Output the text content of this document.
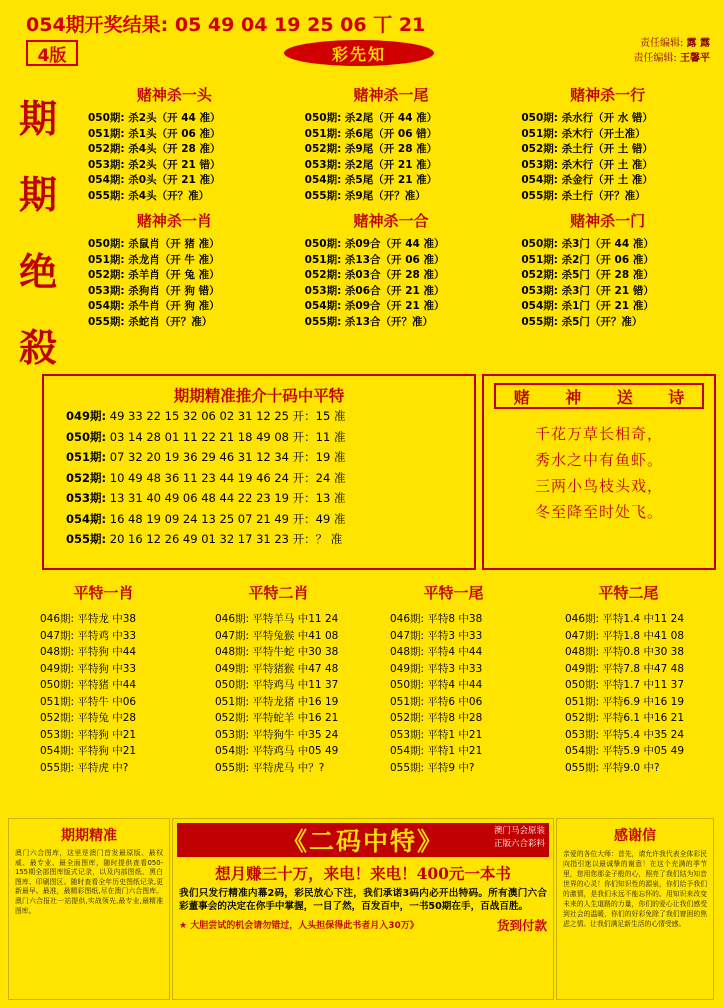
054期开奖结果: 05 49 04 19 25 06 丅 21
4版	彩先知
责任编辑: 露 露
责任编辑: 王馨平
期
期
绝
殺
赌神杀一头
050期: 杀2头（开 44 准）
051期: 杀1头（开 06 准）
052期: 杀4头（开 28 准）
053期: 杀2头（开 21 错）
054期: 杀0头（开 21 准）
055期: 杀4头（开？准）
赌神杀一尾
050期: 杀2尾（开 44 准）
051期: 杀6尾（开 06 错）
052期: 杀9尾（开 28 准）
053期: 杀2尾（开 21 准）
054期: 杀5尾（开 21 准）
055期: 杀9尾（开？准）
赌神杀一行
050期: 杀水行（开 水 错）
051期: 杀木行（开土准）
052期: 杀土行（开 土 错）
053期: 杀木行（开 土 准）
054期: 杀金行（开 土 准）
055期: 杀土行（开？准）
赌神杀一肖
050期: 杀鼠肖（开 猪 准）
051期: 杀龙肖（开 牛 准）
052期: 杀羊肖（开 兔 准）
053期: 杀狗肖（开 狗 错）
054期: 杀牛肖（开 狗 准）
055期: 杀蛇肖（开？准）
赌神杀一合
050期: 杀09合（开 44 准）
051期: 杀13合（开 06 准）
052期: 杀03合（开 28 准）
053期: 杀06合（开 21 准）
054期: 杀09合（开 21 准）
055期: 杀13合（开？准）
赌神杀一门
050期: 杀3门（开 44 准）
051期: 杀2门（开 06 准）
052期: 杀5门（开 28 准）
053期: 杀3门（开 21 错）
054期: 杀1门（开 21 准）
055期: 杀5门（开？准）
期期精准推介十码中平特
049期: 49 33 22 15 32 06 02 31 12 25 开：15 准
050期: 03 14 28 01 11 22 21 18 49 08 开：11 准
051期: 07 32 20 19 36 29 46 31 12 34 开：19 准
052期: 10 49 48 36 11 23 44 19 46 24 开：24 准
053期: 13 31 40 49 06 48 44 22 23 19 开：13 准
054期: 16 48 19 09 24 13 25 07 21 49 开：49 准
055期: 20 16 12 26 49 01 32 17 31 23 开：？ 准
赌 神 送 诗
千花万草长相奇，
秀水之中有鱼虾。
三两小鸟枝头戏，
冬至降至时处飞。
平特一肖
046期: 平特龙 中38
047期: 平特鸡 中33
048期: 平特狗 中44
049期: 平特狗 中33
050期: 平特猪 中44
051期: 平特牛 中06
052期: 平特兔 中28
053期: 平特狗 中21
054期: 平特狗 中21
055期: 平特虎 中?
平特二肖
046期: 平特羊马 中11 24
047期: 平特兔猴 中41 08
048期: 平特牛蛇 中30 38
049期: 平特猪猴 中47 48
050期: 平特鸡马 中11 37
051期: 平特龙猪 中16 19
052期: 平特蛇羊 中16 21
053期: 平特狗牛 中35 24
054期: 平特鸡马 中05 49
055期: 平特虎马 中？?
平特一尾
046期: 平特8 中38
047期: 平特3 中33
048期: 平特4 中44
049期: 平特3 中33
050期: 平特4 中44
051期: 平特6 中06
052期: 平特8 中28
053期: 平特1 中21
054期: 平特1 中21
055期: 平特9 中?
平特二尾
046期: 平特1.4 中11 24
047期: 平特1.8 中41 08
048期: 平特0.8 中30 38
049期: 平特7.8 中47 48
050期: 平特1.7 中11 37
051期: 平特6.9 中16 19
052期: 平特6.1 中16 21
053期: 平特5.4 中35 24
054期: 平特5.9 中05 49
055期: 平特9.0 中?
期期精准
澳门六合图库，这里是澳门首发最原版、最权威、最专业、最全面图库，随时提供查看050-155期全部图库版式记录，以及内部图纸、黑白图库、印刷图区。随时查看全年历史图纸记录,更新最早。最准，最精彩图纸,尽在澳门六合图库。澳门六合报社一站提供,实战领先,最专业,最精准图库。
《二码中特》	澳门马会原装
正版六合彩料
想月赚三十万，来电！来电！400元一本书
我们只发行精准内幕2码，彩民放心下注，我们承诺3码内必开出特码。所有澳门六合彩董事会的决定在你手中掌握，一目了然，百发百中，一书50期在手，百战百胜。
★ 大胆尝试的机会请勿错过，人头担保得此书者月入30万》	货到付款
感谢信
亲爱的各位大师：首先，请允许我代表全体彩民向指引迷以最诚挚的谢意！在这个充满的季节里，您用您那金子般的心，照亮了我们结为知音世界的心灵！你们知识性的源泉，你们给予我们的激情，是我们永远不能忘怀的。用知识来改变未来的人生道路的力量，你们的爱心让我们感受到社会的温暖，你们的好彩免除了我们窘困的焦虑之情。让我们满足新生活的心情受感。
